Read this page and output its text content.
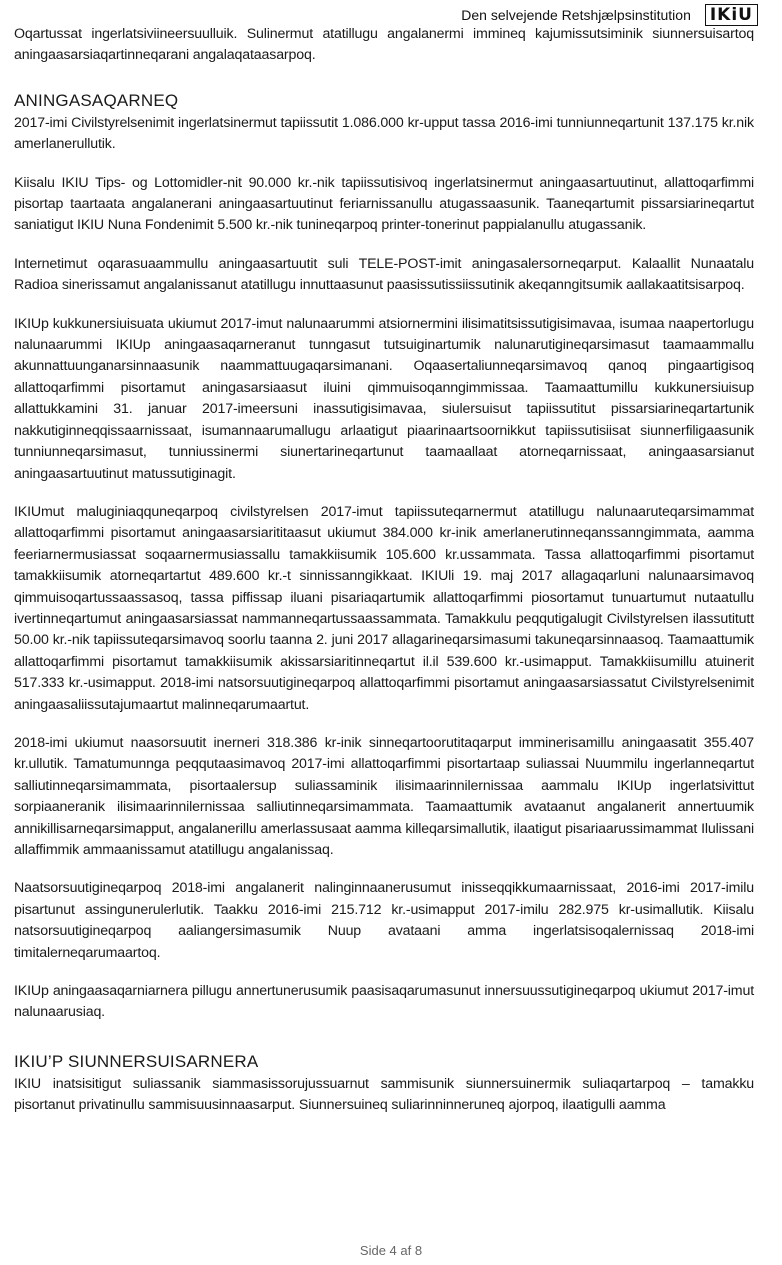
Den selvejende Retshjælpsinstitution IKiU

Oqartussat ingerlatsiviineersuulluik. Sulinermut atatillugu angalanermi immineq kajumissutsiminik siunnersuisartoq aningaasarsiaqartinneqarani angalaqataasarpoq.

ANINGASAQARNEQ

2017-imi Civilstyrelsenimit ingerlatsinermut tapiissutit 1.086.000 kr-upput tassa 2016-imi tunniunneqartunit 137.175 kr.nik amerlanerullutik.

Kiisalu IKIU Tips- og Lottomidler-nit 90.000 kr.-nik tapiissutisivoq ingerlatsinermut aningaasartuutinut, allattoqarfimmi pisortap taartaata angalanerani aningaasartuutinut feriarnissanullu atugassaasunik. Taaneqartumit pissarsiarineqartut saniatigut IKIU Nuna Fondenimit 5.500 kr.-nik tunineqarpoq printer-tonerinut pappialanullu atugassanik.

Internetimut oqarasuaammullu aningaasartuutit suli TELE-POST-imit aningasalersorneqarput. Kalaallit Nunaatalu Radioa sinerissamut angalanissanut atatillugu innuttaasunut paasissutissiissutinik akeqanngitsumik aallakaatitsisarpoq.

IKIUp kukkunersiuisuata ukiumut 2017-imut nalunaarummi atsiornermini ilisimatitsissutigisimavaa, isumaa naapertorlugu nalunaarummi IKIUp aningaasaqarneranut tunngasut tutsuiginartumik nalunarutigineqarsimasut taamaammallu akunnattuunganarsinnaasunik naammattuugaqarsimanani. Oqaasertaliunneqarsimavoq qanoq pingaartigisoq allattoqarfimmi pisortamut aningasarsiaasut iluini qimmuisoqanngimmissaa. Taamaattumillu kukkunersiuisup allattukkamini 31. januar 2017-imeersuni inassutigisimavaa, siulersuisut tapiissutitut pissarsiarineqartartunik nakkutiginneqqissaarnissaat, isumannaarumallugu arlaatigut piaarinaartsoornikkut tapiissutisiisat siunnerfiligaasunik tunniunneqarsimasut, tunniussinermi siunertarineqartunut taamaallaat atorneqarnissaat, aningaasarsianut aningaasartuutinut matussutiginagit.

IKIUmut maluginiaqquneqarpoq civilstyrelsen 2017-imut tapiissuteqarnermut atatillugu nalunaaruteqarsimammat allattoqarfimmi pisortamut aningaasarsiarititaasut ukiumut 384.000 kr-inik amerlanerutinneqanssanngimmata, aamma feeriarnermusiassat soqaarnermusiassallu tamakkiisumik 105.600 kr.ussammata. Tassa allattoqarfimmi pisortamut tamakkiisumik atorneqartartut 489.600 kr.-t sinnissanngikkaat. IKIUli 19. maj 2017 allagaqarluni nalunaarsimavoq qimmuisoqartussaassasoq, tassa piffissap iluani pisariaqartumik allattoqarfimmi piosortamut tunuartumut nutaatullu ivertinneqartumut aningaasarsiassat nammanneqartussaassammata. Tamakkulu peqqutigalugit Civilstyrelsen ilassutitutt 50.00 kr.-nik tapiissuteqarsimavoq soorlu taanna 2. juni 2017 allagarineqarsimasumi takuneqarsinnaasoq. Taamaattumik allattoqarfimmi pisortamut tamakkiisumik akissarsiaritinneqartut il.il 539.600 kr.-usimapput. Tamakkiisumillu atuinerit 517.333 kr.-usimapput. 2018-imi natsorsuutigineqarpoq allattoqarfimmi pisortamut aningaasarsiassatut Civilstyrelsenimit aningaasaliissutajumaartut malinneqarumaartut.

2018-imi ukiumut naasorsuutit inerneri 318.386 kr-inik sinneqartoorutitaqarput imminerisamillu aningaasatit 355.407 kr.ullutik. Tamatumunnga peqqutaasimavoq 2017-imi allattoqarfimmi pisortartaap suliassai Nuummilu ingerlanneqartut salliutinneqarsimammata, pisortaalersup suliassaminik ilisimaarinnilernissaa aammalu IKIUp ingerlatsivittut sorpiaaneranik ilisimaarinnilernissaa salliutinneqarsimammata. Taamaattumik avataanut angalanerit annertuumik annikillisarneqarsimapput, angalanerillu amerlassusaat aamma killeqarsimallutik, ilaatigut pisariaarussimammat Ilulissani allaffimmik ammaanissamut atatillugu angalanissaq.

Naatsorsuutigineqarpoq 2018-imi angalanerit nalinginnaanerusumut inisseqqikkumaarnissaat, 2016-imi 2017-imilu pisartunut assingunerulerlutik. Taakku 2016-imi 215.712 kr.-usimapput 2017-imilu 282.975 kr-usimallutik. Kiisalu natsorsuutigineqarpoq aaliangersimasumik Nuup avataani amma ingerlatsisoqalernissaq 2018-imi timitalerneqarumaartoq.

IKIUp aningaasaqarniarnera pillugu annertunerusumik paasisaqarumasunut innersuussutigineqarpoq ukiumut 2017-imut nalunaarusiaq.

IKIU’P SIUNNERSUISARNERA

IKIU inatsisitigut suliassanik siammasissorujussuarnut sammisunik siunnersuinermik suliaqartarpoq – tamakku pisortanut privatinullu sammisuusinnaasarput. Siunnersuineq suliarinninneruneq ajorpoq, ilaatigulli aamma

Side 4 af 8
